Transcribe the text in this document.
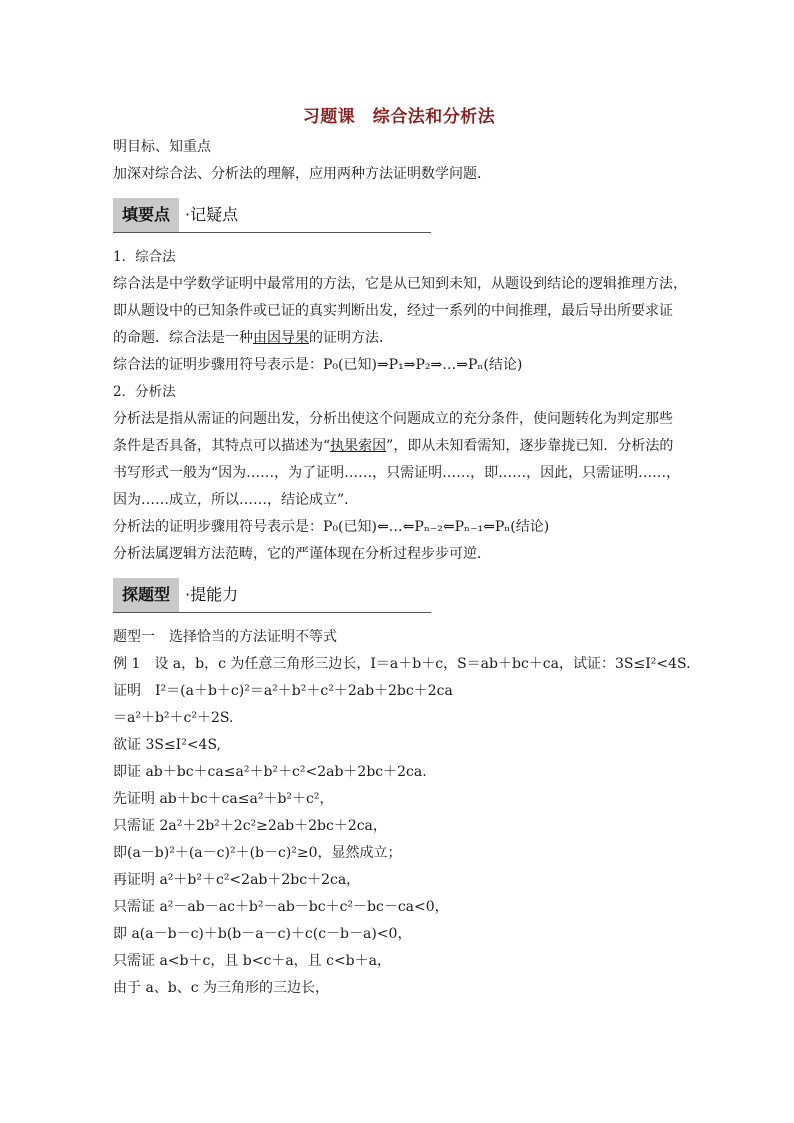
习题课　综合法和分析法
明目标、知重点
加深对综合法、分析法的理解，应用两种方法证明数学问题．
填要点 ·记疑点
1．综合法
综合法是中学数学证明中最常用的方法，它是从已知到未知，从题设到结论的逻辑推理方法，
即从题设中的已知条件或已证的真实判断出发，经过一系列的中间推理，最后导出所要求证
的命题．综合法是一种由因导果的证明方法．
综合法的证明步骤用符号表示是：P₀(已知)⇒P₁⇒P₂⇒…⇒Pₙ(结论)
2．分析法
分析法是指从需证的问题出发，分析出使这个问题成立的充分条件，使问题转化为判定那些
条件是否具备，其特点可以描述为“执果索因”，即从未知看需知，逐步靠拢已知．分析法的
书写形式一般为“因为……，为了证明……，只需证明……，即……，因此，只需证明……，
因为……成立，所以……，结论成立”．
分析法的证明步骤用符号表示是：P₀(已知)⇐…⇐Pₙ₋₂⇐Pₙ₋₁⇐Pₙ(结论)
分析法属逻辑方法范畴，它的严谨体现在分析过程步步可逆．
探题型 ·提能力
题型一　选择恰当的方法证明不等式
例 1　设 a，b，c 为任意三角形三边长，I＝a＋b＋c，S＝ab＋bc＋ca，试证：3S≤I²<4S.
证明　I²＝(a＋b＋c)²＝a²＋b²＋c²＋2ab＋2bc＋2ca
＝a²＋b²＋c²＋2S.
欲证 3S≤I²<4S,
即证 ab＋bc＋ca≤a²＋b²＋c²<2ab＋2bc＋2ca.
先证明 ab＋bc＋ca≤a²＋b²＋c²，
只需证 2a²＋2b²＋2c²≥2ab＋2bc＋2ca，
即(a－b)²＋(a－c)²＋(b－c)²≥0，显然成立；
再证明 a²＋b²＋c²<2ab＋2bc＋2ca，
只需证 a²－ab－ac＋b²－ab－bc＋c²－bc－ca<0，
即 a(a－b－c)＋b(b－a－c)＋c(c－b－a)<0，
只需证 a<b＋c，且 b<c＋a，且 c<b＋a，
由于 a、b、c 为三角形的三边长，
